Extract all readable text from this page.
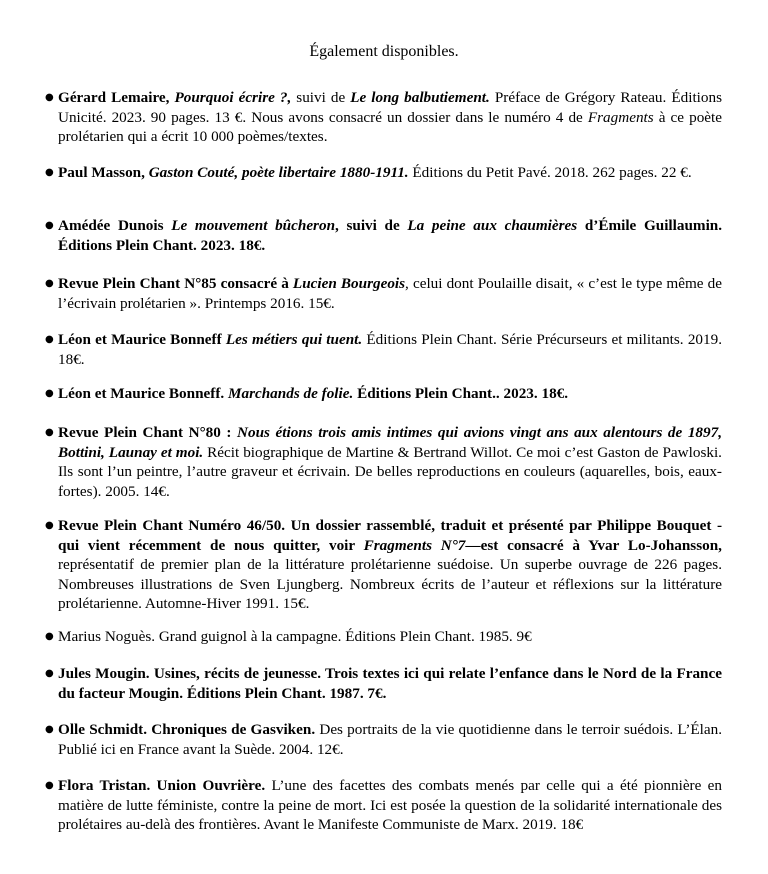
Également disponibles.
● Gérard Lemaire, Pourquoi écrire ?, suivi de Le long balbutiement. Préface de Grégory Rateau. Éditions Unicité. 2023. 90 pages. 13 €. Nous avons consacré un dossier dans le numéro 4 de Fragments à ce poète prolétarien qui a écrit 10 000 poèmes/textes.
● Paul Masson, Gaston Couté, poète libertaire 1880-1911. Éditions du Petit Pavé. 2018. 262 pages. 22 €.
● Amédée Dunois Le mouvement bûcheron, suivi de La peine aux chaumières d’Émile Guillaumin. Éditions Plein Chant. 2023. 18€.
● Revue Plein Chant N°85 consacré à Lucien Bourgeois, celui dont Poulaille disait, « c’est le type même de l’écrivain prolétarien ». Printemps 2016. 15€.
● Léon et Maurice Bonneff Les métiers qui tuent. Éditions Plein Chant. Série Précurseurs et militants. 2019. 18€.
● Léon et Maurice Bonneff. Marchands de folie. Éditions Plein Chant.. 2023. 18€.
● Revue Plein Chant N°80 : Nous étions trois amis intimes qui avions vingt ans aux alentours de 1897, Bottini, Launay et moi. Récit biographique de Martine & Bertrand Willot. Ce moi c’est Gaston de Pawloski. Ils sont l’un peintre, l’autre graveur et écrivain. De belles reproductions en couleurs (aquarelles, bois, eaux-fortes). 2005. 14€.
● Revue Plein Chant Numéro 46/50. Un dossier rassemblé, traduit et présenté par Philippe Bouquet - qui vient récemment de nous quitter, voir Fragments N°7—est consacré à Yvar Lo-Johansson, représentatif de premier plan de la littérature prolétarienne suédoise. Un superbe ouvrage de 226 pages. Nombreuses illustrations de Sven Ljungberg. Nombreux écrits de l’auteur et réflexions sur la littérature prolétarienne. Automne-Hiver 1991. 15€.
● Marius Noguès. Grand guignol à la campagne. Éditions Plein Chant. 1985. 9€
● Jules Mougin. Usines, récits de jeunesse. Trois textes ici qui relate l’enfance dans le Nord de la France du facteur Mougin. Éditions Plein Chant. 1987. 7€.
● Olle Schmidt. Chroniques de Gasviken. Des portraits de la vie quotidienne dans le terroir suédois. L’Élan. Publié ici en France avant la Suède. 2004. 12€.
● Flora Tristan. Union Ouvrière. L’une des facettes des combats menés par celle qui a été pionnière en matière de lutte féministe, contre la peine de mort. Ici est posée la question de la solidarité internationale des prolétaires au-delà des frontières. Avant le Manifeste Communiste de Marx. 2019. 18€
